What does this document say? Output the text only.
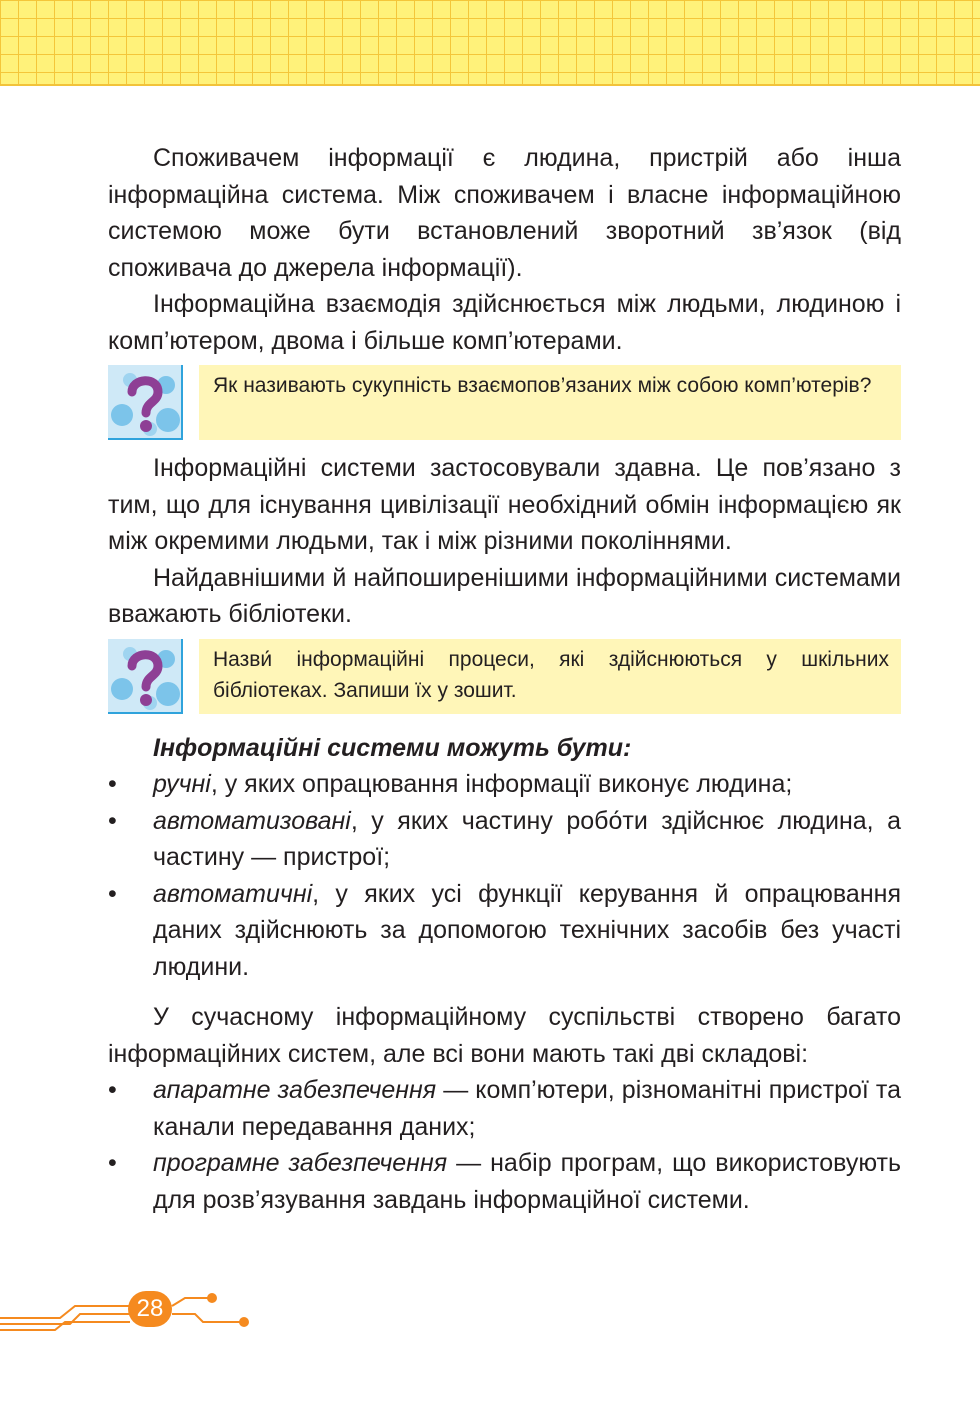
Споживачем інформації є людина, пристрій або інша інформаційна система. Між споживачем і власне інформаційною системою може бути встановлений зворотний зв’язок (від споживача до джерела інформації).

Інформаційна взаємодія здійснюється між людьми, людиною і комп’ютером, двома і більше комп’ютерами.

Як називають сукупність взаємопов’язаних між собою комп’ютерів?

Інформаційні системи застосовували здавна. Це пов’язано з тим, що для існування цивілізації необхідний обмін інформацією як між окремими людьми, так і між різними поколіннями.

Найдавнішими й найпоширенішими інформаційними системами вважають бібліотеки.

Назви́ інформаційні процеси, які здійснюються у шкільних бібліотеках. Запиши їх у зошит.

Інформаційні системи можуть бути:

• ручні, у яких опрацювання інформації виконує людина;
• автоматизовані, у яких частину робо́ти здійснює людина, а частину — пристрої;
• автоматичні, у яких усі функції керування й опрацювання даних здійснюють за допомогою технічних засобів без участі людини.

У сучасному інформаційному суспільстві створено багато інформаційних систем, але всі вони мають такі дві складові:

• апаратне забезпечення — комп’ютери, різноманітні пристрої та канали передавання даних;
• програмне забезпечення — набір програм, що використовують для розв’язування завдань інформаційної системи.
28
